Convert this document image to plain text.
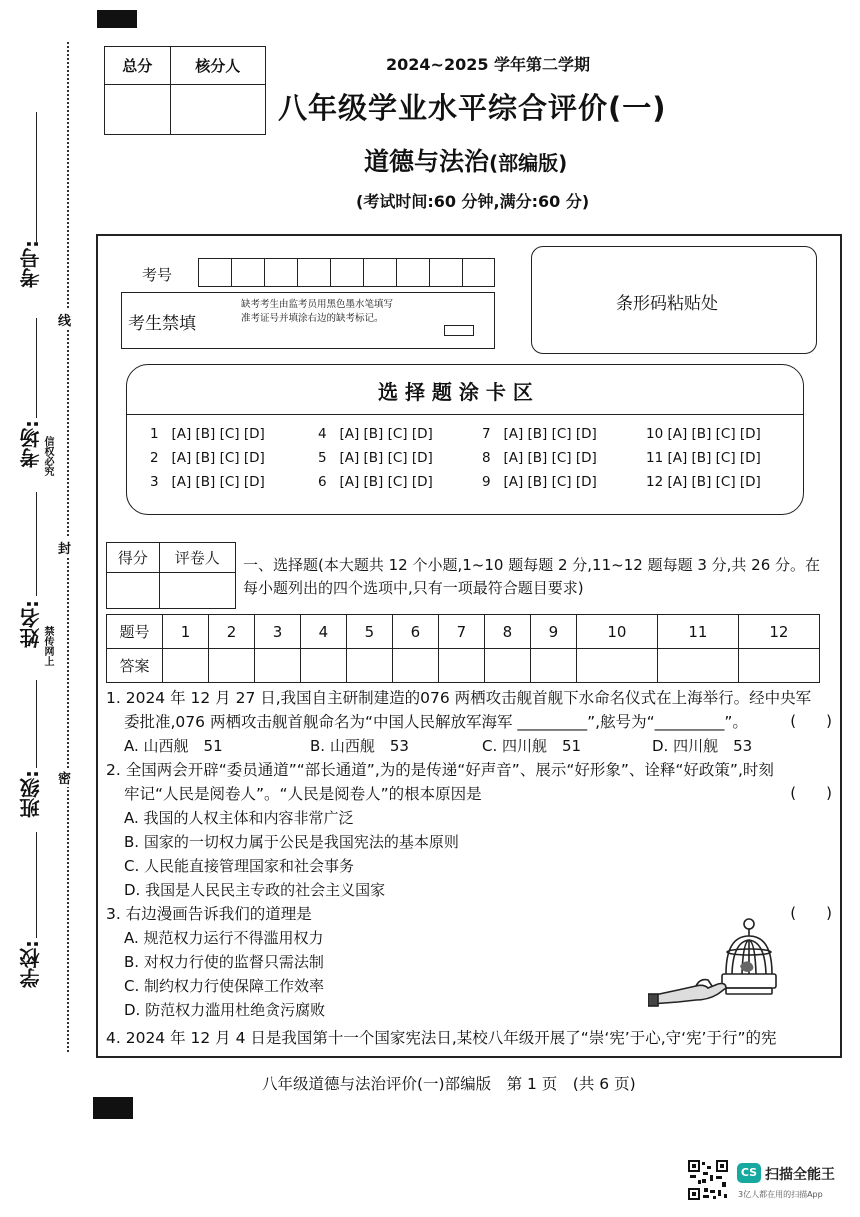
考号:
考场:
姓名:
班级:
学校:
线
封
密
信权必究
禁传网上
总分	核分人
		2024~2025 学年第二学期
八年级学业水平综合评价(一)
道德与法治(部编版)
(考试时间:60 分钟,满分:60 分)
考号
考生禁填
缺考考生由监考员用黑色墨水笔填写准考证号并填涂右边的缺考标记。
条形码粘贴处
选 择 题 涂 卡 区
1 [A] [B] [C] [D]
2 [A] [B] [C] [D]
3 [A] [B] [C] [D]
4 [A] [B] [C] [D]
5 [A] [B] [C] [D]
6 [A] [B] [C] [D]
7 [A] [B] [C] [D]
8 [A] [B] [C] [D]
9 [A] [B] [C] [D]
10 [A] [B] [C] [D]
11 [A] [B] [C] [D]
12 [A] [B] [C] [D]
得分	评卷人
	一、选择题(本大题共 12 个小题,1~10 题每题 2 分,11~12 题每题 3 分,共 26 分。在每小题列出的四个选项中,只有一项最符合题目要求)
题号	1	2	3	4	5	6	7	8	9	10	11	12
答案												
1. 2024 年 12 月 27 日,我国自主研制建造的076 两栖攻击舰首舰下水命名仪式在上海举行。经中央军
委批准,076 两栖攻击舰首舰命名为“中国人民解放军海军 _________”,舷号为“_________”。	(　　)
A. 山西舰　51	B. 山西舰　53	C. 四川舰　51	D. 四川舰　53
2. 全国两会开辟“委员通道”“部长通道”,为的是传递“好声音”、展示“好形象”、诠释“好政策”,时刻
牢记“人民是阅卷人”。“人民是阅卷人”的根本原因是	(　　)
A. 我国的人权主体和内容非常广泛
B. 国家的一切权力属于公民是我国宪法的基本原则
C. 人民能直接管理国家和社会事务
D. 我国是人民民主专政的社会主义国家
3. 右边漫画告诉我们的道理是	(　　)
A. 规范权力运行不得滥用权力
B. 对权力行使的监督只需法制
C. 制约权力行使保障工作效率
D. 防范权力滥用杜绝贪污腐败
4. 2024 年 12 月 4 日是我国第十一个国家宪法日,某校八年级开展了“崇‘宪’于心,守‘宪’于行”的宪
八年级道德与法治评价(一)部编版　第 1 页　(共 6 页)
CS 扫描全能王
3亿人都在用的扫描App
